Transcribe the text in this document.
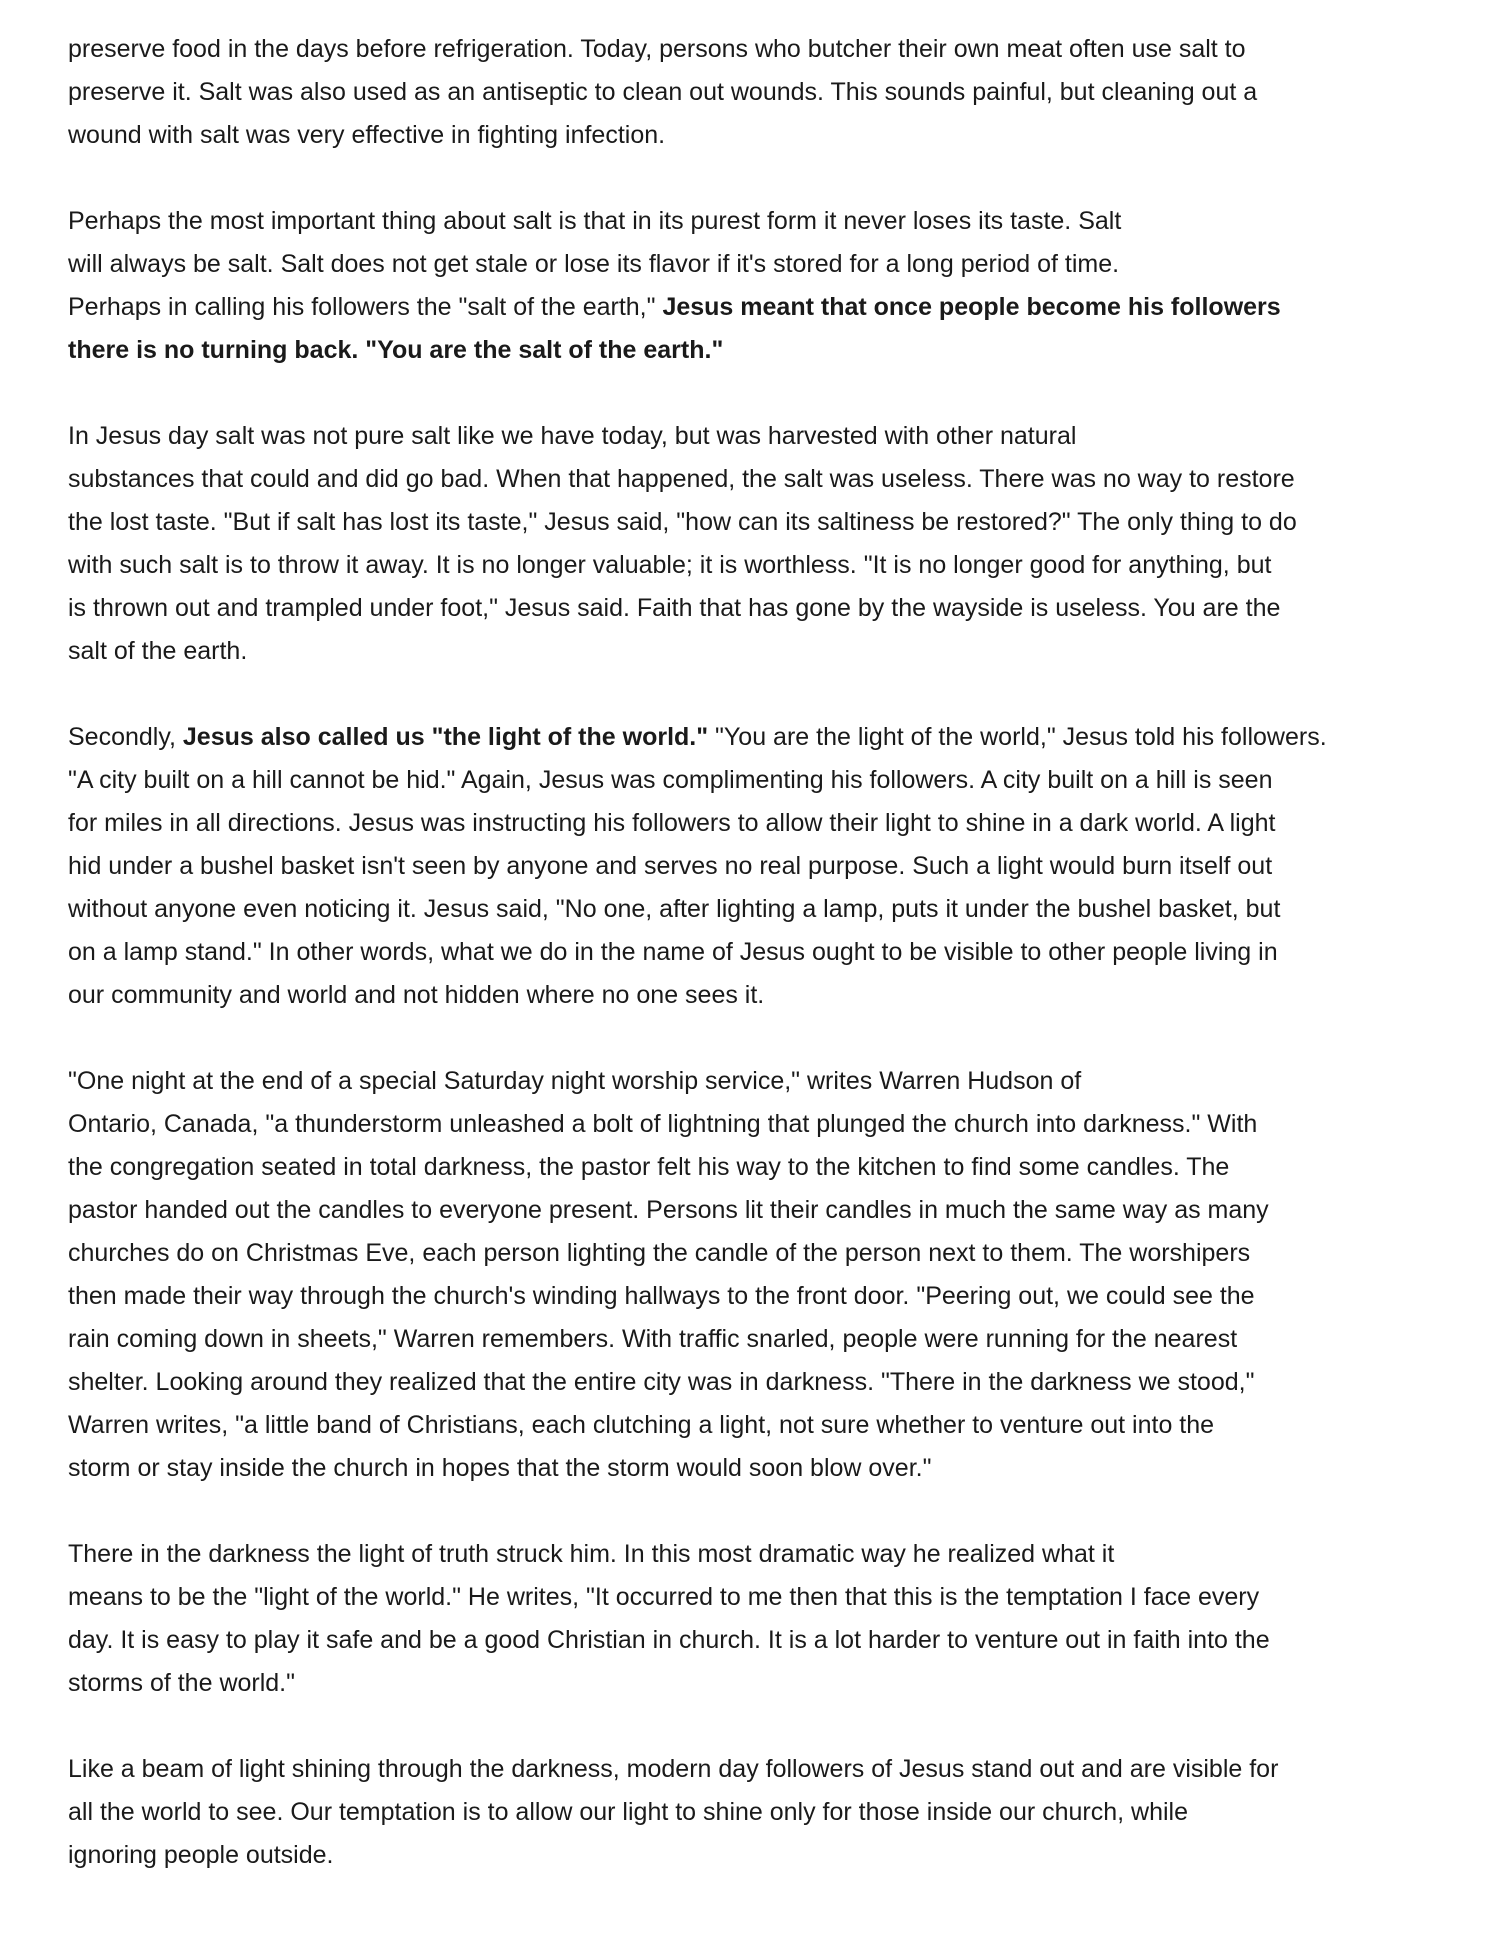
preserve food in the days before refrigeration. Today, persons who butcher their own meat often use salt to
preserve it. Salt was also used as an antiseptic to clean out wounds. This sounds painful, but cleaning out a
wound with salt was very effective in fighting infection.
Perhaps the most important thing about salt is that in its purest form it never loses its taste. Salt
will always be salt. Salt does not get stale or lose its flavor if it's stored for a long period of time.
Perhaps in calling his followers the "salt of the earth," Jesus meant that once people become his followers
there is no turning back. "You are the salt of the earth."
In Jesus day salt was not pure salt like we have today, but was harvested with other natural
substances that could and did go bad. When that happened, the salt was useless. There was no way to restore
the lost taste. "But if salt has lost its taste," Jesus said, "how can its saltiness be restored?" The only thing to do
with such salt is to throw it away. It is no longer valuable; it is worthless. "It is no longer good for anything, but
is thrown out and trampled under foot," Jesus said. Faith that has gone by the wayside is useless. You are the
salt of the earth.
Secondly, Jesus also called us "the light of the world." "You are the light of the world," Jesus told his followers.
"A city built on a hill cannot be hid." Again, Jesus was complimenting his followers. A city built on a hill is seen
for miles in all directions. Jesus was instructing his followers to allow their light to shine in a dark world. A light
hid under a bushel basket isn't seen by anyone and serves no real purpose. Such a light would burn itself out
without anyone even noticing it. Jesus said, "No one, after lighting a lamp, puts it under the bushel basket, but
on a lamp stand." In other words, what we do in the name of Jesus ought to be visible to other people living in
our community and world and not hidden where no one sees it.
"One night at the end of a special Saturday night worship service," writes Warren Hudson of
Ontario, Canada, "a thunderstorm unleashed a bolt of lightning that plunged the church into darkness." With
the congregation seated in total darkness, the pastor felt his way to the kitchen to find some candles. The
pastor handed out the candles to everyone present. Persons lit their candles in much the same way as many
churches do on Christmas Eve, each person lighting the candle of the person next to them. The worshipers
then made their way through the church's winding hallways to the front door. "Peering out, we could see the
rain coming down in sheets," Warren remembers. With traffic snarled, people were running for the nearest
shelter. Looking around they realized that the entire city was in darkness. "There in the darkness we stood,"
Warren writes, "a little band of Christians, each clutching a light, not sure whether to venture out into the
storm or stay inside the church in hopes that the storm would soon blow over."
There in the darkness the light of truth struck him. In this most dramatic way he realized what it
means to be the "light of the world." He writes, "It occurred to me then that this is the temptation I face every
day. It is easy to play it safe and be a good Christian in church. It is a lot harder to venture out in faith into the
storms of the world."
Like a beam of light shining through the darkness, modern day followers of Jesus stand out and are visible for
all the world to see. Our temptation is to allow our light to shine only for those inside our church, while
ignoring people outside.
